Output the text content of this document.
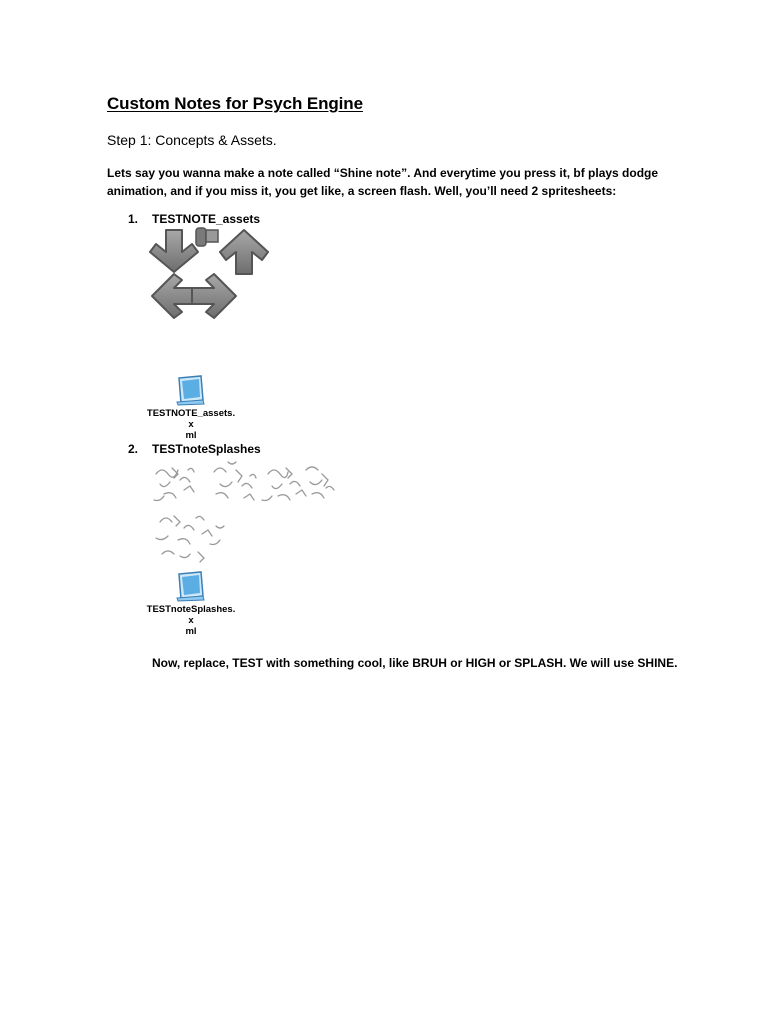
Custom Notes for Psych Engine
Step 1: Concepts & Assets.
Lets say you wanna make a note called “Shine note”. And everytime you press it, bf plays dodge
animation, and if you miss it, you get like, a screen flash. Well, you’ll need 2 spritesheets:
1. TESTNOTE_assets
TESTNOTE_assets.x
ml
2. TESTnoteSplashes
TESTnoteSplashes.x
ml
Now, replace, TEST with something cool, like BRUH or HIGH or SPLASH. We will use SHINE.
